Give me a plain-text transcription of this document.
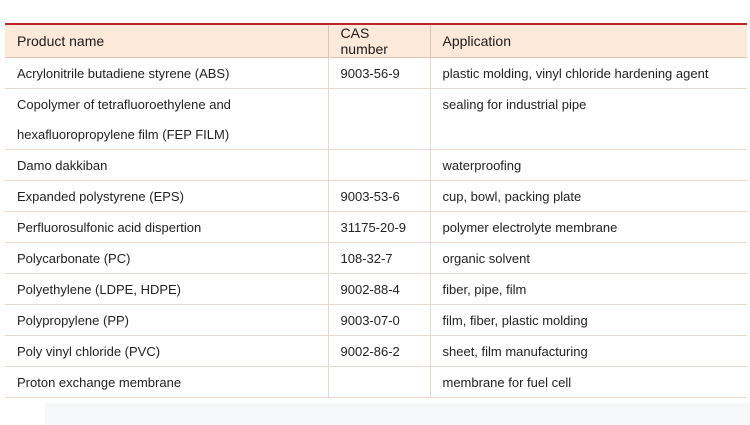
Product name	CAS number	Application
Acrylonitrile butadiene styrene (ABS)	9003-56-9	plastic molding, vinyl chloride hardening agent
Copolymer of tetrafluoroethylene and		sealing for industrial pipe
hexafluoropropylene film (FEP FILM)		
Damo dakkiban		waterproofing
Expanded polystyrene (EPS)	9003-53-6	cup, bowl, packing plate
Perfluorosulfonic acid dispertion	31175-20-9	polymer electrolyte membrane
Polycarbonate (PC)	108-32-7	organic solvent
Polyethylene (LDPE, HDPE)	9002-88-4	fiber, pipe, film
Polypropylene (PP)	9003-07-0	film, fiber, plastic molding
Poly vinyl chloride (PVC)	9002-86-2	sheet, film manufacturing
Proton exchange membrane		membrane for fuel cell
